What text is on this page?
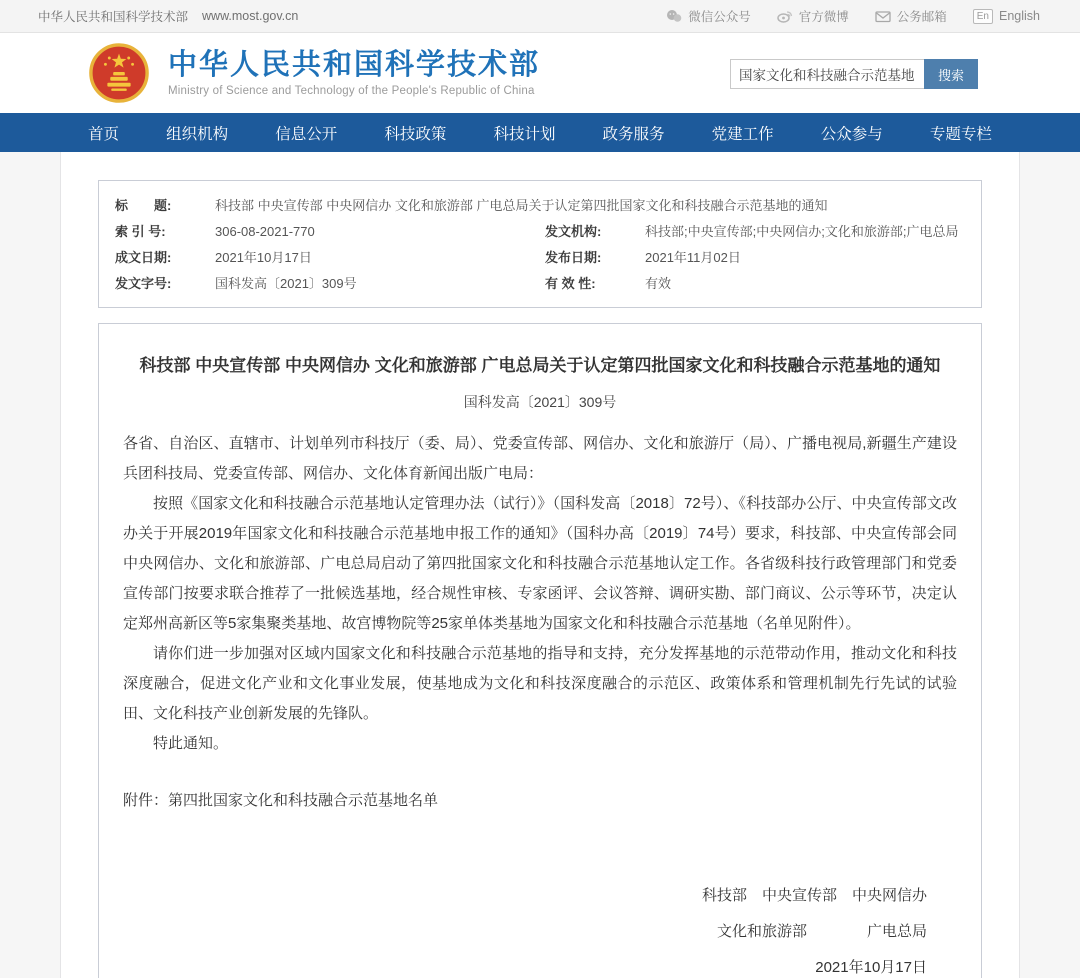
中华人民共和国科学技术部 www.most.gov.cn	微信公众号	官方微博	公务邮箱	En English
中华人民共和国科学技术部
Ministry of Science and Technology of the People's Republic of China
国家文化和科技融合示范基地
搜索
首页	组织机构	信息公开	科技政策	科技计划	政务服务	党建工作	公众参与	专题专栏
标　　题:	科技部 中央宣传部 中央网信办 文化和旅游部 广电总局关于认定第四批国家文化和科技融合示范基地的通知
索 引 号:	306-08-2021-770	发文机构:	科技部;中央宣传部;中央网信办;文化和旅游部;广电总局
成文日期:	2021年10月17日	发布日期:	2021年11月02日
发文字号:	国科发高〔2021〕309号	有 效 性:	有效
科技部 中央宣传部 中央网信办 文化和旅游部 广电总局关于认定第四批国家文化和科技融合示范基地的通知
国科发高〔2021〕309号

各省、自治区、直辖市、计划单列市科技厅（委、局）、党委宣传部、网信办、文化和旅游厅（局）、广播电视局,新疆生产建设兵团科技局、党委宣传部、网信办、文化体育新闻出版广电局：

按照《国家文化和科技融合示范基地认定管理办法（试行）》（国科发高〔2018〕72号）、《科技部办公厅、中央宣传部文改办关于开展2019年国家文化和科技融合示范基地申报工作的通知》（国科办高〔2019〕74号）要求，科技部、中央宣传部会同中央网信办、文化和旅游部、广电总局启动了第四批国家文化和科技融合示范基地认定工作。各省级科技行政管理部门和党委宣传部门按要求联合推荐了一批候选基地，经合规性审核、专家函评、会议答辩、调研实勘、部门商议、公示等环节，决定认定郑州高新区等5家集聚类基地、故宫博物院等25家单体类基地为国家文化和科技融合示范基地（名单见附件）。

请你们进一步加强对区域内国家文化和科技融合示范基地的指导和支持，充分发挥基地的示范带动作用，推动文化和科技深度融合，促进文化产业和文化事业发展，使基地成为文化和科技深度融合的示范区、政策体系和管理机制先行先试的试验田、文化科技产业创新发展的先锋队。

特此通知。

附件：第四批国家文化和科技融合示范基地名单
科技部　中央宣传部　中央网信办
文化和旅游部　　　　广电总局
2021年10月17日
